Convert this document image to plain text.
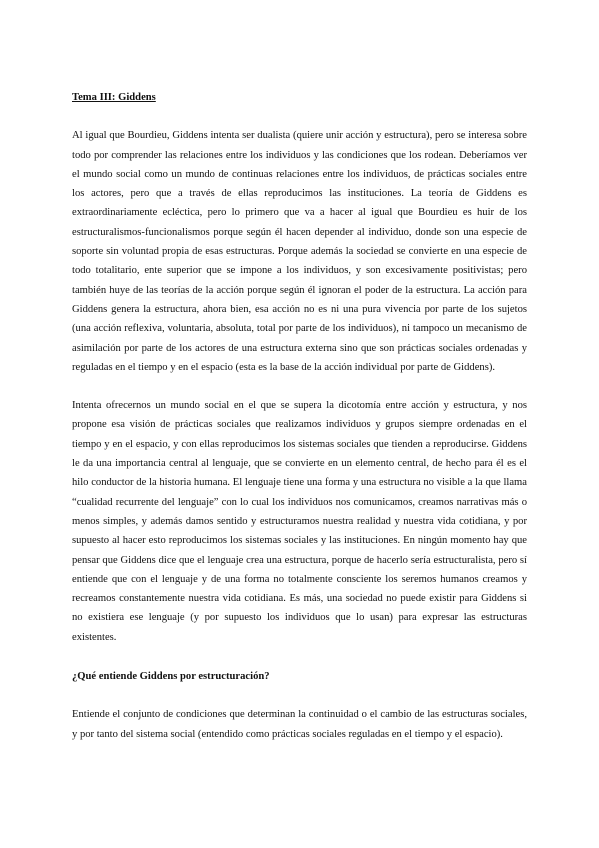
Tema III: Giddens

Al igual que Bourdieu, Giddens intenta ser dualista (quiere unir acción y estructura), pero se interesa sobre todo por comprender las relaciones entre los individuos y las condiciones que los rodean. Deberíamos ver el mundo social como un mundo de continuas relaciones entre los individuos, de prácticas sociales entre los actores, pero que a través de ellas reproducimos las instituciones. La teoría de Giddens es extraordinariamente ecléctica, pero lo primero que va a hacer al igual que Bourdieu es huir de los estructuralismos-funcionalismos porque según él hacen depender al individuo, donde son una especie de soporte sin voluntad propia de esas estructuras. Porque además la sociedad se convierte en una especie de todo totalitario, ente superior que se impone a los individuos, y son excesivamente positivistas; pero también huye de las teorías de la acción porque según él ignoran el poder de la estructura. La acción para Giddens genera la estructura, ahora bien, esa acción no es ni una pura vivencia por parte de los sujetos (una acción reflexiva, voluntaria, absoluta, total por parte de los individuos), ni tampoco un mecanismo de asimilación por parte de los actores de una estructura externa sino que son prácticas sociales ordenadas y reguladas en el tiempo y en el espacio (esta es la base de la acción individual por parte de Giddens).

Intenta ofrecernos un mundo social en el que se supera la dicotomía entre acción y estructura, y nos propone esa visión de prácticas sociales que realizamos individuos y grupos siempre ordenadas en el tiempo y en el espacio, y con ellas reproducimos los sistemas sociales que tienden a reproducirse. Giddens le da una importancia central al lenguaje, que se convierte en un elemento central, de hecho para él es el hilo conductor de la historia humana. El lenguaje tiene una forma y una estructura no visible a la que llama “cualidad recurrente del lenguaje” con lo cual los individuos nos comunicamos, creamos narrativas más o menos simples, y además damos sentido y estructuramos nuestra realidad y nuestra vida cotidiana, y por supuesto al hacer esto reproducimos los sistemas sociales y las instituciones. En ningún momento hay que pensar que Giddens dice que el lenguaje crea una estructura, porque de hacerlo sería estructuralista, pero sí entiende que con el lenguaje y de una forma no totalmente consciente los seremos humanos creamos y recreamos constantemente nuestra vida cotidiana. Es más, una sociedad no puede existir para Giddens si no existiera ese lenguaje (y por supuesto los individuos que lo usan) para expresar las estructuras existentes.

¿Qué entiende Giddens por estructuración?

Entiende el conjunto de condiciones que determinan la continuidad o el cambio de las estructuras sociales, y por tanto del sistema social (entendido como prácticas sociales reguladas en el tiempo y el espacio).
